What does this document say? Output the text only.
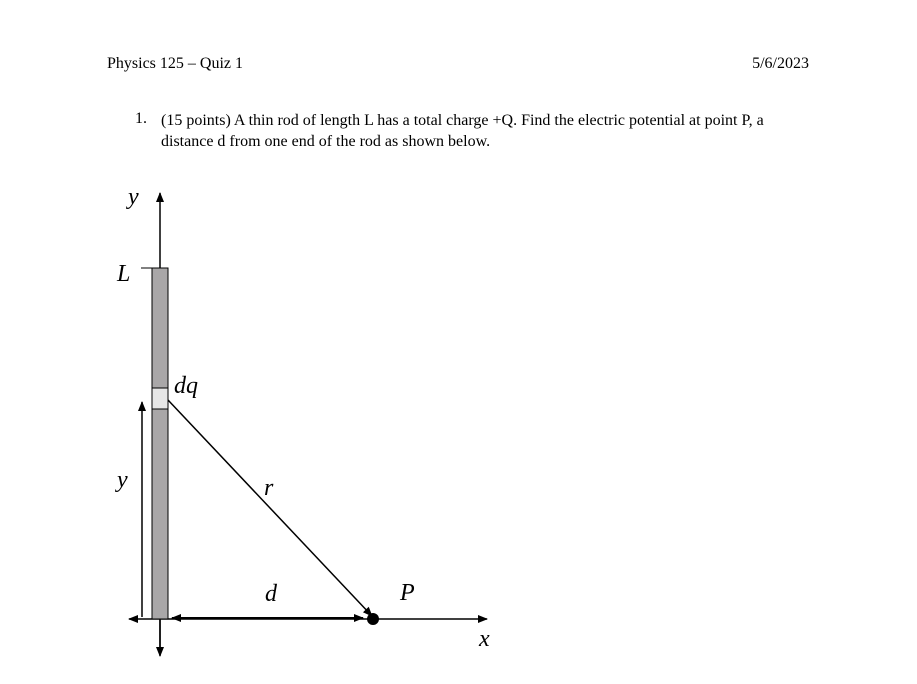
Physics 125 – Quiz 1	5/6/2023
1. (15 points) A thin rod of length L has a total charge +Q. Find the electric potential at point P, a distance d from one end of the rod as shown below.
y
L
dq
y	r
d	P
x
